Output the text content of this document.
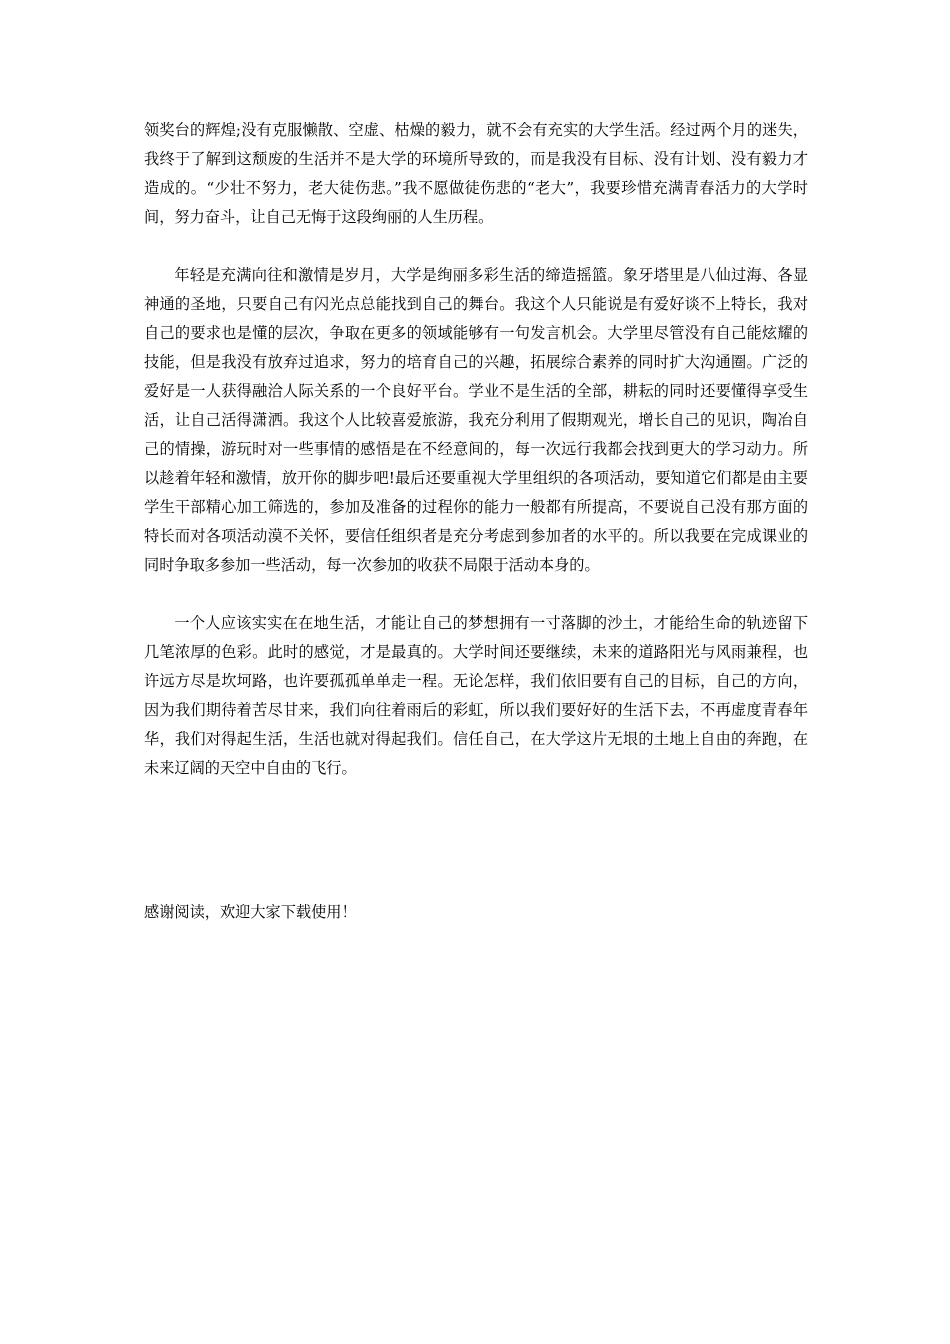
领奖台的辉煌;没有克服懒散、空虚、枯燥的毅力，就不会有充实的大学生活。经过两个月的迷失，我终于了解到这颓废的生活并不是大学的环境所导致的，而是我没有目标、没有计划、没有毅力才造成的。“少壮不努力，老大徒伤悲。”我不愿做徒伤悲的“老大”，我要珍惜充满青春活力的大学时间，努力奋斗，让自己无悔于这段绚丽的人生历程。

年轻是充满向往和激情是岁月，大学是绚丽多彩生活的缔造摇篮。象牙塔里是八仙过海、各显神通的圣地，只要自己有闪光点总能找到自己的舞台。我这个人只能说是有爱好谈不上特长，我对自己的要求也是懂的层次，争取在更多的领域能够有一句发言机会。大学里尽管没有自己能炫耀的技能，但是我没有放弃过追求，努力的培育自己的兴趣，拓展综合素养的同时扩大沟通圈。广泛的爱好是一人获得融洽人际关系的一个良好平台。学业不是生活的全部，耕耘的同时还要懂得享受生活，让自己活得潇洒。我这个人比较喜爱旅游，我充分利用了假期观光，增长自己的见识，陶冶自己的情操，游玩时对一些事情的感悟是在不经意间的，每一次远行我都会找到更大的学习动力。所以趁着年轻和激情，放开你的脚步吧!最后还要重视大学里组织的各项活动，要知道它们都是由主要学生干部精心加工筛选的，参加及准备的过程你的能力一般都有所提高，不要说自己没有那方面的特长而对各项活动漠不关怀，要信任组织者是充分考虑到参加者的水平的。所以我要在完成课业的同时争取多参加一些活动，每一次参加的收获不局限于活动本身的。

一个人应该实实在在地生活，才能让自己的梦想拥有一寸落脚的沙土，才能给生命的轨迹留下几笔浓厚的色彩。此时的感觉，才是最真的。大学时间还要继续，未来的道路阳光与风雨兼程，也许远方尽是坎坷路，也许要孤孤单单走一程。无论怎样，我们依旧要有自己的目标，自己的方向，因为我们期待着苦尽甘来，我们向往着雨后的彩虹，所以我们要好好的生活下去，不再虚度青春年华，我们对得起生活，生活也就对得起我们。信任自己，在大学这片无垠的土地上自由的奔跑，在未来辽阔的天空中自由的飞行。

感谢阅读，欢迎大家下载使用！
